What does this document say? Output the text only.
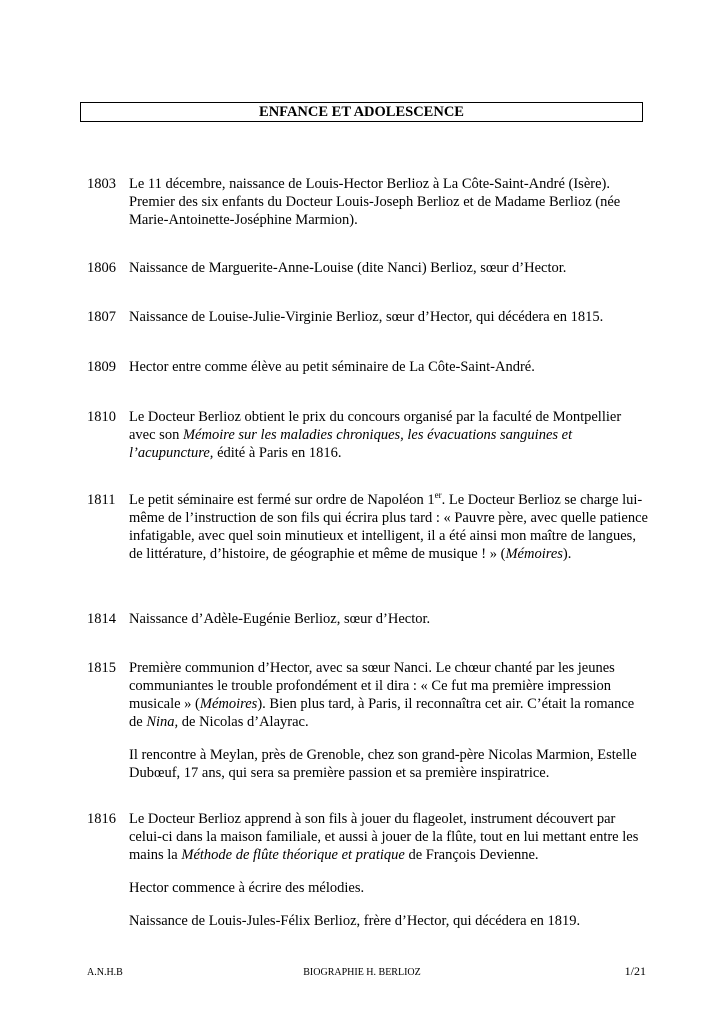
ENFANCE ET ADOLESCENCE
1803 Le 11 décembre, naissance de Louis-Hector Berlioz à La Côte-Saint-André (Isère). Premier des six enfants du Docteur Louis-Joseph Berlioz et de Madame Berlioz (née Marie-Antoinette-Joséphine Marmion).
1806 Naissance de Marguerite-Anne-Louise (dite Nanci) Berlioz, sœur d’Hector.
1807 Naissance de Louise-Julie-Virginie Berlioz, sœur d’Hector, qui décédera en 1815.
1809 Hector entre comme élève au petit séminaire de La Côte-Saint-André.
1810 Le Docteur Berlioz obtient le prix du concours organisé par la faculté de Montpellier avec son Mémoire sur les maladies chroniques, les évacuations sanguines et l’acupuncture, édité à Paris en 1816.
1811 Le petit séminaire est fermé sur ordre de Napoléon 1er. Le Docteur Berlioz se charge lui-même de l’instruction de son fils qui écrira plus tard : « Pauvre père, avec quelle patience infatigable, avec quel soin minutieux et intelligent, il a été ainsi mon maître de langues, de littérature, d’histoire, de géographie et même de musique ! » (Mémoires).
1814 Naissance d’Adèle-Eugénie Berlioz, sœur d’Hector.
1815 Première communion d’Hector, avec sa sœur Nanci. Le chœur chanté par les jeunes communiantes le trouble profondément et il dira : « Ce fut ma première impression musicale » (Mémoires). Bien plus tard, à Paris, il reconnaîtra cet air. C’était la romance de Nina, de Nicolas d’Alayrac.
Il rencontre à Meylan, près de Grenoble, chez son grand-père Nicolas Marmion, Estelle Dubœuf, 17 ans, qui sera sa première passion et sa première inspiratrice.
1816 Le Docteur Berlioz apprend à son fils à jouer du flageolet, instrument découvert par celui-ci dans la maison familiale, et aussi à jouer de la flûte, tout en lui mettant entre les mains la Méthode de flûte théorique et pratique de François Devienne.
Hector commence à écrire des mélodies.
Naissance de Louis-Jules-Félix Berlioz, frère d’Hector, qui décédera en 1819.
A.N.H.B	BIOGRAPHIE H. BERLIOZ	1/21
